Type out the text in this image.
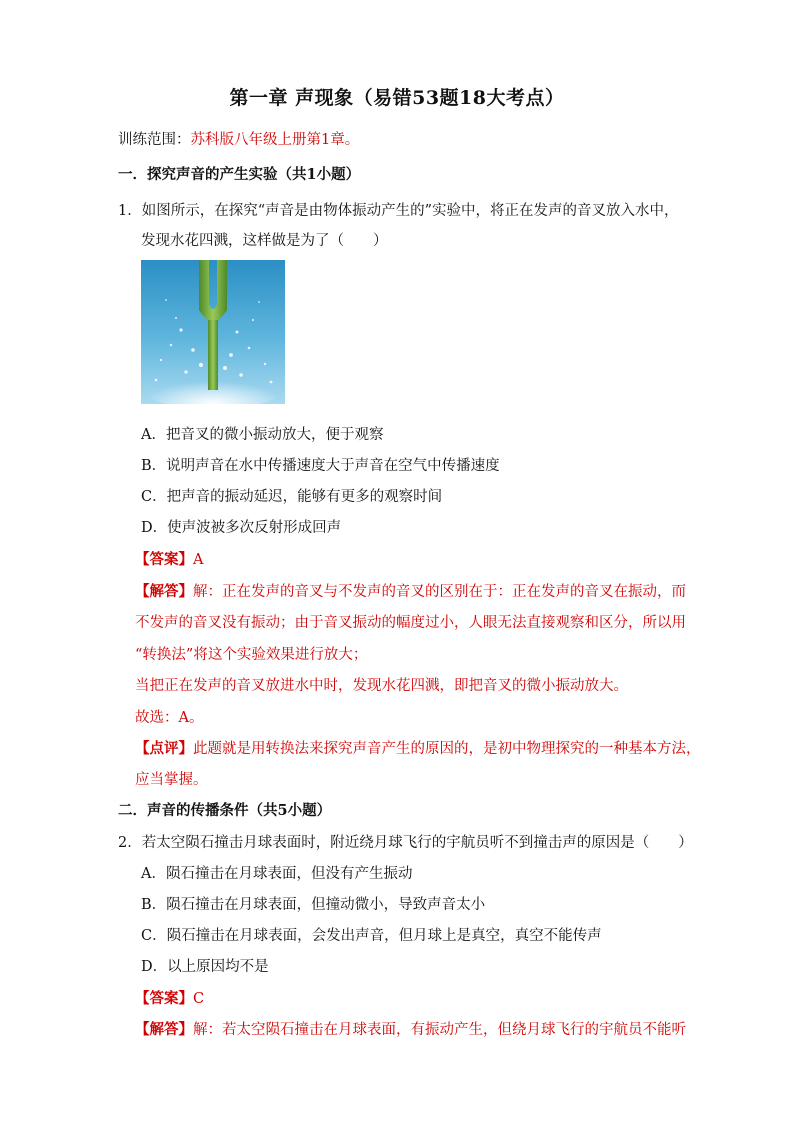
第一章 声现象（易错53题18大考点）
训练范围：苏科版八年级上册第1章。
一．探究声音的产生实验（共1小题）
1．如图所示，在探究“声音是由物体振动产生的”实验中，将正在发声的音叉放入水中，
发现水花四溅，这样做是为了（　　）
A．把音叉的微小振动放大，便于观察
B．说明声音在水中传播速度大于声音在空气中传播速度
C．把声音的振动延迟，能够有更多的观察时间
D．使声波被多次反射形成回声
【答案】A
【解答】解：正在发声的音叉与不发声的音叉的区别在于：正在发声的音叉在振动，而
不发声的音叉没有振动；由于音叉振动的幅度过小，人眼无法直接观察和区分，所以用
“转换法”将这个实验效果进行放大；
当把正在发声的音叉放进水中时，发现水花四溅，即把音叉的微小振动放大。
故选：A。
【点评】此题就是用转换法来探究声音产生的原因的，是初中物理探究的一种基本方法，
应当掌握。
二．声音的传播条件（共5小题）
2．若太空陨石撞击月球表面时，附近绕月球飞行的宇航员听不到撞击声的原因是（　　）
A．陨石撞击在月球表面，但没有产生振动
B．陨石撞击在月球表面，但撞动微小，导致声音太小
C．陨石撞击在月球表面，会发出声音，但月球上是真空，真空不能传声
D．以上原因均不是
【答案】C
【解答】解：若太空陨石撞击在月球表面，有振动产生，但绕月球飞行的宇航员不能听
